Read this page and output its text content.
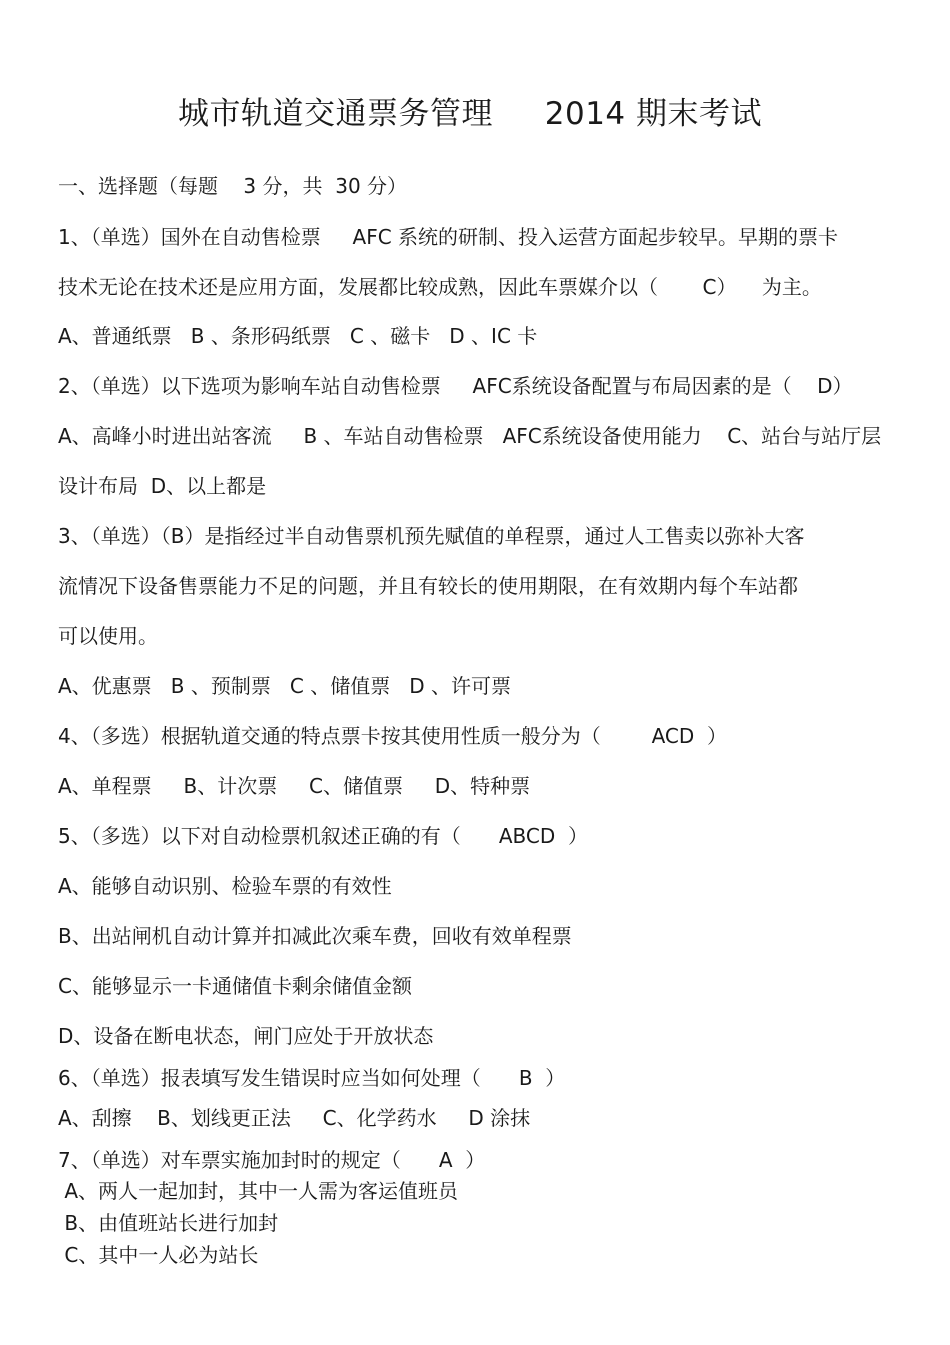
城市轨道交通票务管理     2014 期末考试
一、选择题（每题    3 分，共  30 分）
1、（单选）国外在自动售检票     AFC 系统的研制、投入运营方面起步较早。早期的票卡
技术无论在技术还是应用方面，发展都比较成熟，因此车票媒介以（       C）    为主。
A、普通纸票   B 、条形码纸票   C 、磁卡   D 、IC 卡
2、（单选）以下选项为影响车站自动售检票     AFC系统设备配置与布局因素的是（    D）
A、高峰小时进出站客流     B 、车站自动售检票   AFC系统设备使用能力    C、站台与站厅层
设计布局  D、以上都是
3、（单选）（B）是指经过半自动售票机预先赋值的单程票，通过人工售卖以弥补大客
流情况下设备售票能力不足的问题，并且有较长的使用期限，在有效期内每个车站都
可以使用。
A、优惠票   B 、预制票   C 、储值票   D 、许可票
4、（多选）根据轨道交通的特点票卡按其使用性质一般分为（        ACD  ）
A、单程票     B、计次票     C、储值票     D、特种票
5、（多选）以下对自动检票机叙述正确的有（      ABCD  ）
A、能够自动识别、检验车票的有效性
B、出站闸机自动计算并扣减此次乘车费，回收有效单程票
C、能够显示一卡通储值卡剩余储值金额
D、设备在断电状态，闸门应处于开放状态
6、（单选）报表填写发生错误时应当如何处理（      B  ）
A、刮擦    B、划线更正法     C、化学药水     D 涂抹
7、（单选）对车票实施加封时的规定（      A  ）
A、两人一起加封，其中一人需为客运值班员
B、由值班站长进行加封
C、其中一人必为站长
